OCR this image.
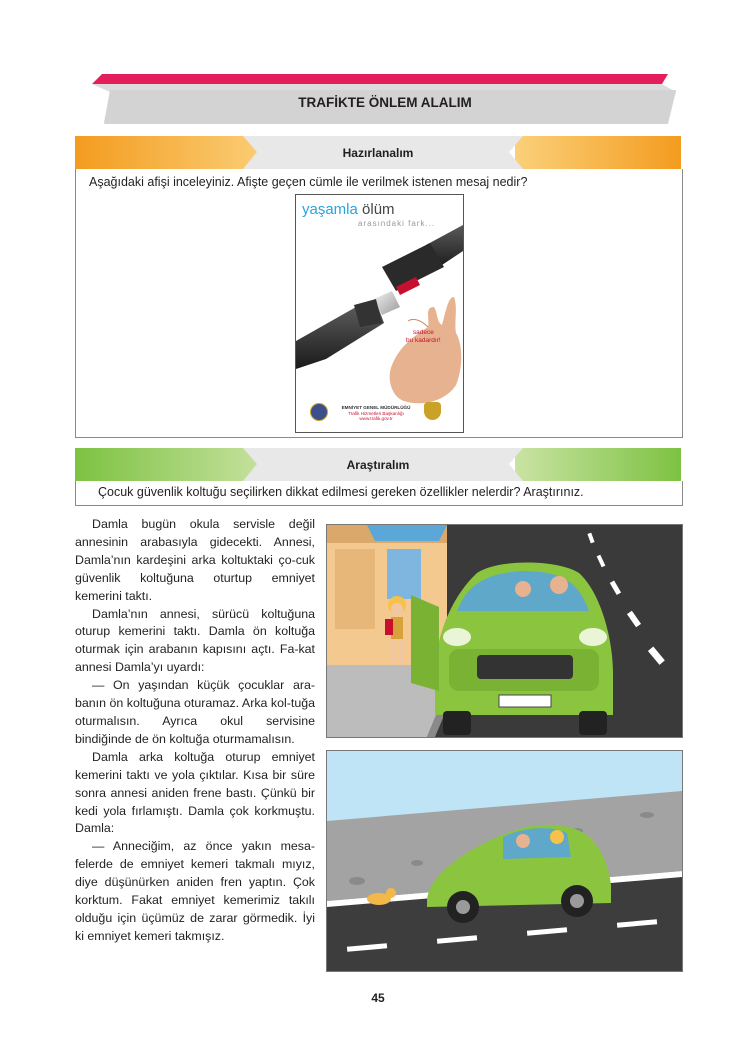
TRAFİKTE ÖNLEM ALALIM
Hazırlanalım
Aşağıdaki afişi inceleyiniz. Afişte geçen cümle ile verilmek istenen mesaj nedir?
yaşamla ölüm
arasındaki fark...
sadece
bu kadardır!
EMNİYET GENEL MÜDÜRLÜĞÜ
Trafik Hizmetleri Başkanlığı
www.trafik.gov.tr
Araştıralım
Çocuk güvenlik koltuğu seçilirken dikkat edilmesi gereken özellikler nelerdir? Araştırınız.

Damla bugün okula servisle değil annesinin arabasıyla gidecekti. Annesi, Damla’nın kardeşini arka koltuktaki ço-cuk güvenlik koltuğuna oturtup emniyet kemerini taktı.

Damla’nın annesi, sürücü koltuğuna oturup kemerini taktı. Damla ön koltuğa oturmak için arabanın kapısını açtı. Fa-kat annesi Damla’yı uyardı:

— On yaşından küçük çocuklar ara-banın ön koltuğuna oturamaz. Arka kol-tuğa oturmalısın. Ayrıca okul servisine bindiğinde de ön koltuğa oturmamalısın.

Damla arka koltuğa oturup emniyet kemerini taktı ve yola çıktılar. Kısa bir süre sonra annesi aniden frene bastı. Çünkü bir kedi yola fırlamıştı. Damla çok korkmuştu. Damla:

— Anneciğim, az önce yakın mesa-felerde de emniyet kemeri takmalı mıyız, diye düşünürken aniden fren yaptın. Çok korktum. Fakat emniyet kemerimiz takılı olduğu için üçümüz de zarar görmedik. İyi ki emniyet kemeri takmışız.

45
